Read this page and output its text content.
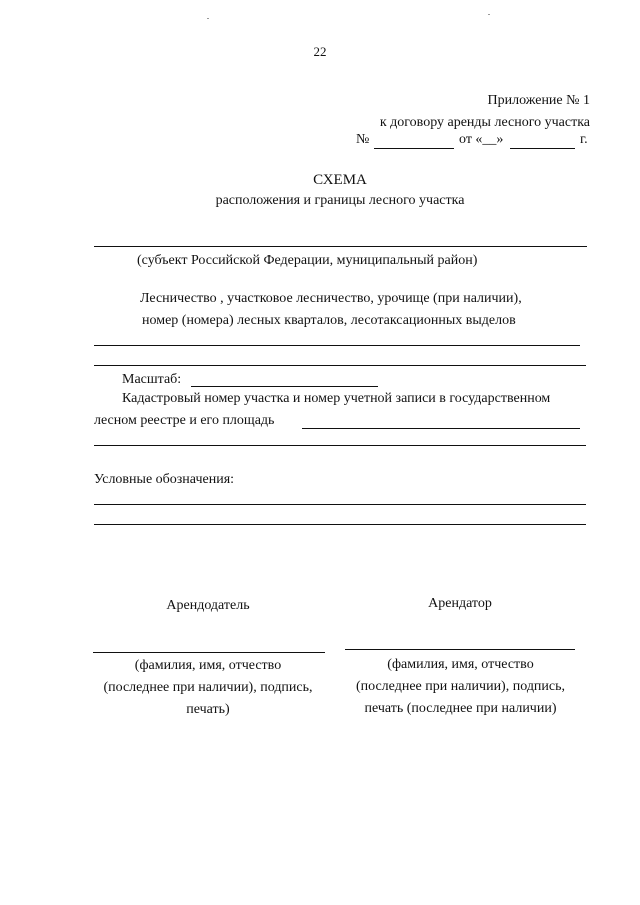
22
Приложение № 1
к договору аренды лесного участка
№	от «__»	г.
СХЕМА
расположения и границы лесного участка
(субъект Российской Федерации, муниципальный район)
Лесничество , участковое лесничество, урочище (при наличии),
номер (номера) лесных кварталов, лесотаксационных выделов
Масштаб:
Кадастровый номер участка и номер учетной записи в государственном
лесном реестре и его площадь
Условные обозначения:
Арендодатель	Арендатор
(фамилия, имя, отчество
(последнее при наличии), подпись,
печать)
(фамилия, имя, отчество
(последнее при наличии), подпись,
печать (последнее при наличии)
